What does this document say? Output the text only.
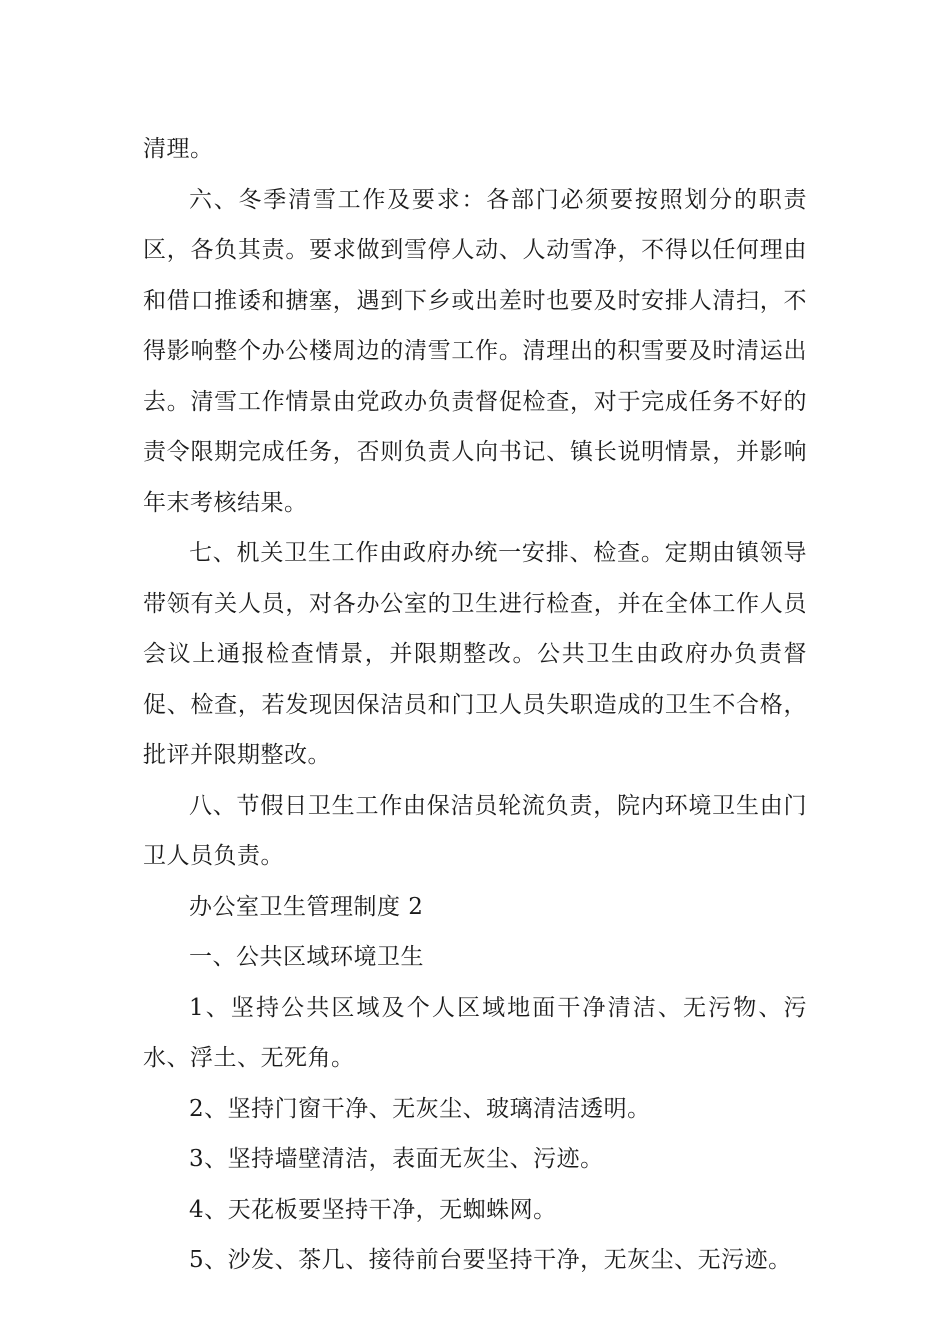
清理。

六、冬季清雪工作及要求：各部门必须要按照划分的职责区，各负其责。要求做到雪停人动、人动雪净，不得以任何理由和借口推诿和搪塞，遇到下乡或出差时也要及时安排人清扫，不得影响整个办公楼周边的清雪工作。清理出的积雪要及时清运出去。清雪工作情景由党政办负责督促检查，对于完成任务不好的责令限期完成任务，否则负责人向书记、镇长说明情景，并影响年末考核结果。

七、机关卫生工作由政府办统一安排、检查。定期由镇领导带领有关人员，对各办公室的卫生进行检查，并在全体工作人员会议上通报检查情景，并限期整改。公共卫生由政府办负责督促、检查，若发现因保洁员和门卫人员失职造成的卫生不合格，批评并限期整改。

八、节假日卫生工作由保洁员轮流负责，院内环境卫生由门卫人员负责。

办公室卫生管理制度 2

一、公共区域环境卫生

1、坚持公共区域及个人区域地面干净清洁、无污物、污水、浮土、无死角。

2、坚持门窗干净、无灰尘、玻璃清洁透明。

3、坚持墙壁清洁，表面无灰尘、污迹。

4、天花板要坚持干净，无蜘蛛网。

5、沙发、茶几、接待前台要坚持干净，无灰尘、无污迹。
